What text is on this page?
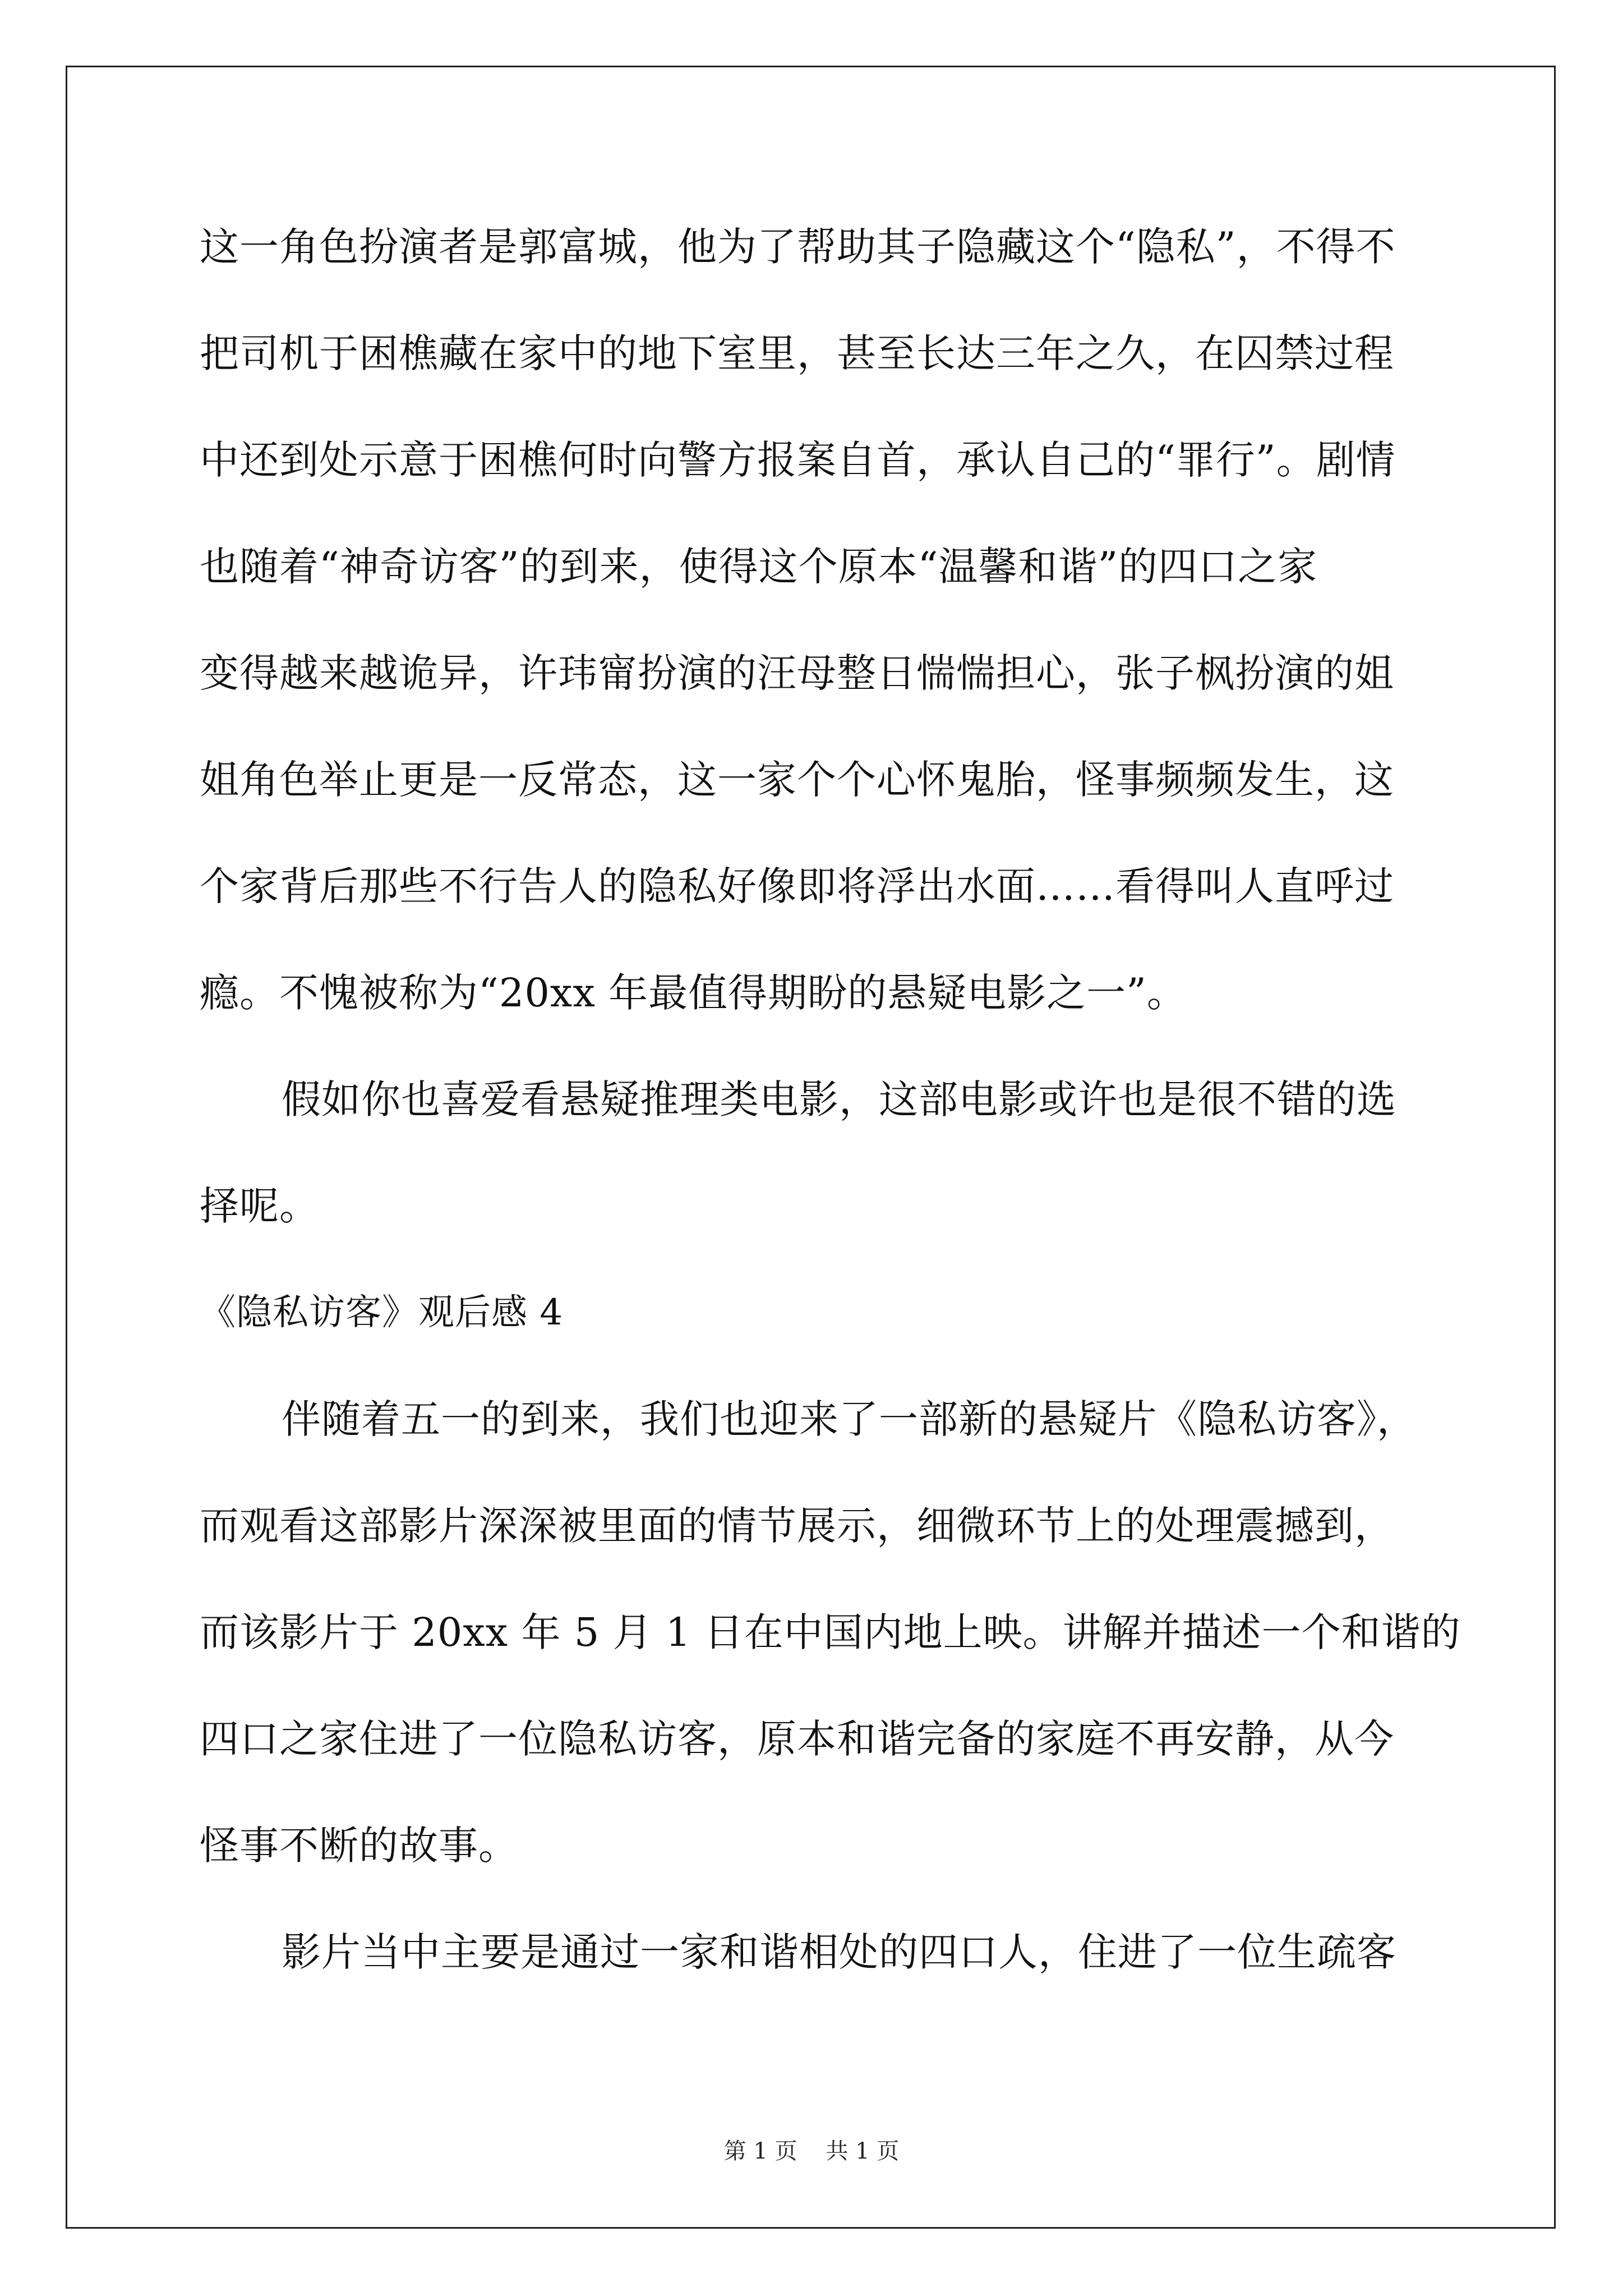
这一角色扮演者是郭富城，他为了帮助其子隐藏这个“隐私”，不得不
把司机于困樵藏在家中的地下室里，甚至长达三年之久，在囚禁过程
中还到处示意于困樵何时向警方报案自首，承认自己的“罪行”。剧情
也随着“神奇访客”的到来，使得这个原本“温馨和谐”的四口之家
变得越来越诡异，许玮甯扮演的汪母整日惴惴担心，张子枫扮演的姐
姐角色举止更是一反常态，这一家个个心怀鬼胎，怪事频频发生，这
个家背后那些不行告人的隐私好像即将浮出水面……看得叫人直呼过
瘾。不愧被称为“20xx 年最值得期盼的悬疑电影之一”。
假如你也喜爱看悬疑推理类电影，这部电影或许也是很不错的选
择呢。
《隐私访客》观后感 4
伴随着五一的到来，我们也迎来了一部新的悬疑片《隐私访客》，
而观看这部影片深深被里面的情节展示，细微环节上的处理震撼到，
而该影片于 20xx 年 5 月 1 日在中国内地上映。讲解并描述一个和谐的
四口之家住进了一位隐私访客，原本和谐完备的家庭不再安静，从今
怪事不断的故事。
影片当中主要是通过一家和谐相处的四口人，住进了一位生疏客
第 1 页    共 1 页
